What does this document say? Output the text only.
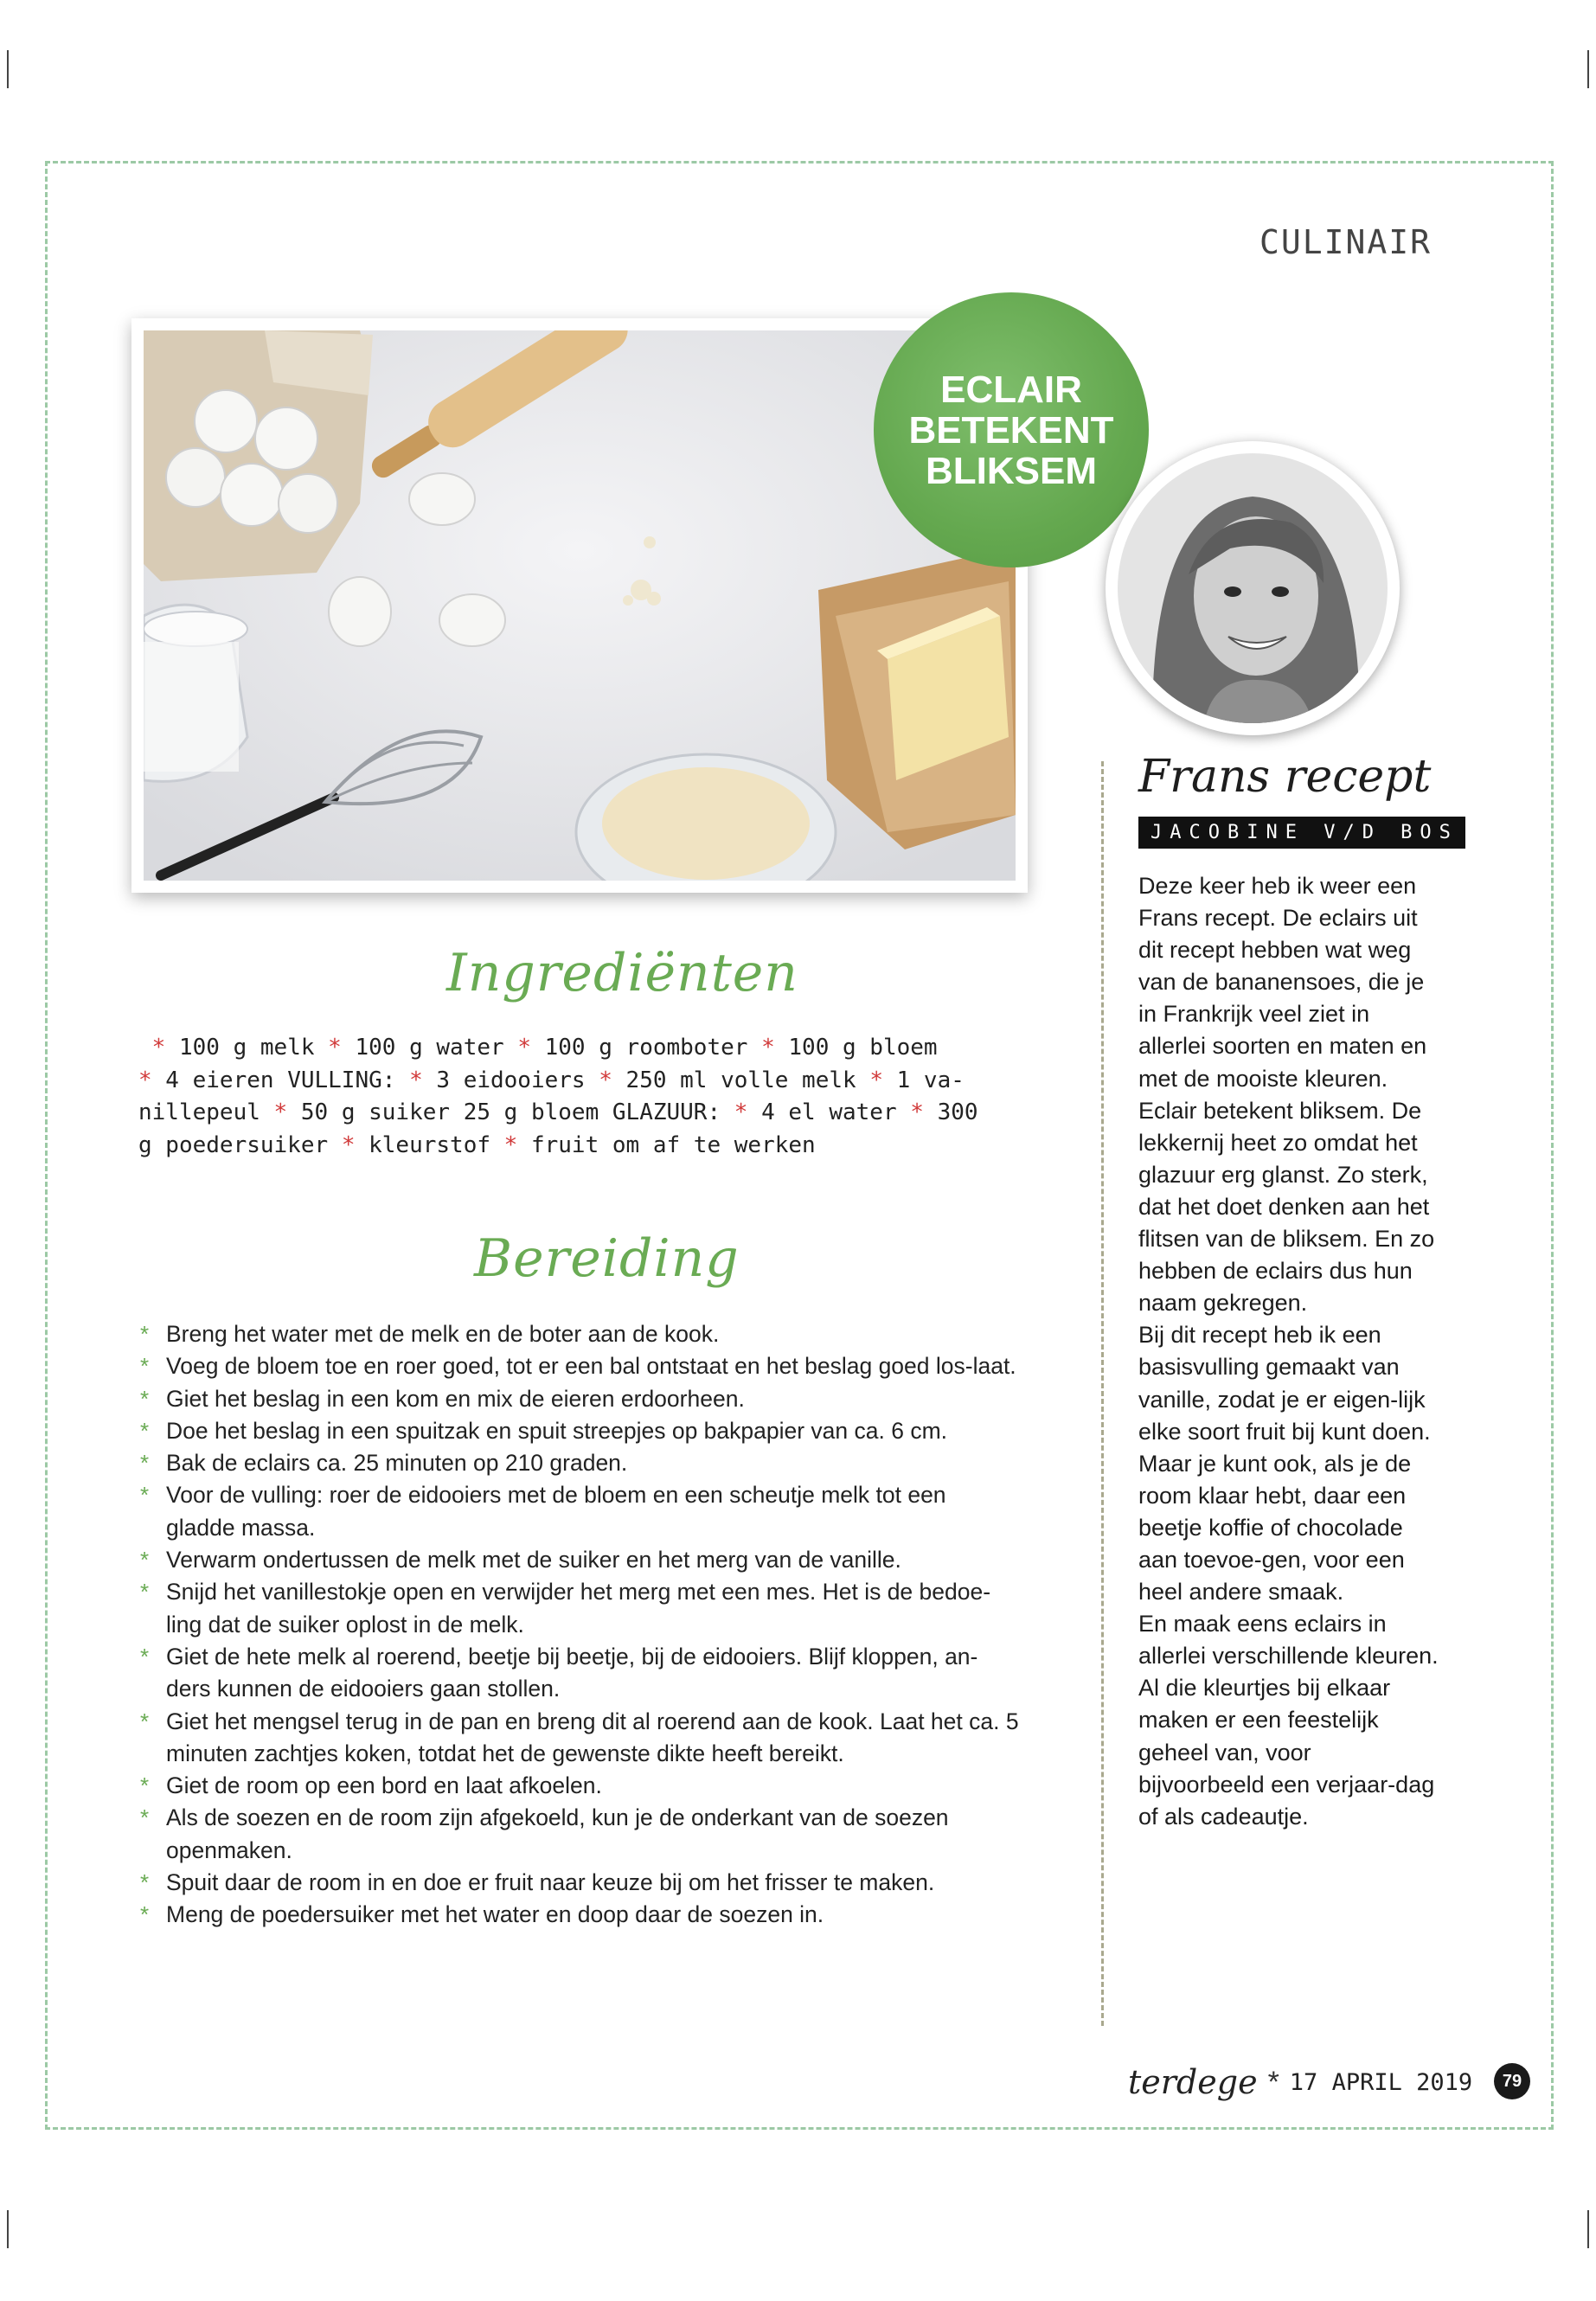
CULINAIR
ECLAIR BETEKENT BLIKSEM
Frans recept
JACOBINE V/D BOS

Deze keer heb ik weer een Frans recept. De eclairs uit dit recept hebben wat weg van de bananensoes, die je in Frankrijk veel ziet in allerlei soorten en maten en met de mooiste kleuren. Eclair betekent bliksem. De lekkernij heet zo omdat het glazuur erg glanst. Zo sterk, dat het doet denken aan het flitsen van de bliksem. En zo hebben de eclairs dus hun naam gekregen.

Bij dit recept heb ik een basisvulling gemaakt van vanille, zodat je er eigen-lijk elke soort fruit bij kunt doen. Maar je kunt ook, als je de room klaar hebt, daar een beetje koffie of chocolade aan toevoe-gen, voor een heel andere smaak.

En maak eens eclairs in allerlei verschillende kleuren. Al die kleurtjes bij elkaar maken er een feestelijk geheel van, voor bijvoorbeeld een verjaar-dag of als cadeautje.

Ingrediënten
* 100 g melk * 100 g water * 100 g roomboter * 100 g bloem
* 4 eieren VULLING: * 3 eidooiers * 250 ml volle melk * 1 va-
nillepeul * 50 g suiker 25 g bloem GLAZUUR: * 4 el water * 300
g poedersuiker * kleurstof * fruit om af te werken
Bereiding
* Breng het water met de melk en de boter aan de kook.
* Voeg de bloem toe en roer goed, tot er een bal ontstaat en het beslag goed los-laat.
* Giet het beslag in een kom en mix de eieren erdoorheen.
* Doe het beslag in een spuitzak en spuit streepjes op bakpapier van ca. 6 cm.
* Bak de eclairs ca. 25 minuten op 210 graden.
* Voor de vulling: roer de eidooiers met de bloem en een scheutje melk tot een gladde massa.
* Verwarm ondertussen de melk met de suiker en het merg van de vanille.
* Snijd het vanillestokje open en verwijder het merg met een mes. Het is de bedoe-ling dat de suiker oplost in de melk.
* Giet de hete melk al roerend, beetje bij beetje, bij de eidooiers. Blijf kloppen, an-ders kunnen de eidooiers gaan stollen.
* Giet het mengsel terug in de pan en breng dit al roerend aan de kook. Laat het ca. 5 minuten zachtjes koken, totdat het de gewenste dikte heeft bereikt.
* Giet de room op een bord en laat afkoelen.
* Als de soezen en de room zijn afgekoeld, kun je de onderkant van de soezen openmaken.
* Spuit daar de room in en doe er fruit naar keuze bij om het frisser te maken.
* Meng de poedersuiker met het water en doop daar de soezen in.
terdege * 17 APRIL 2019	79
